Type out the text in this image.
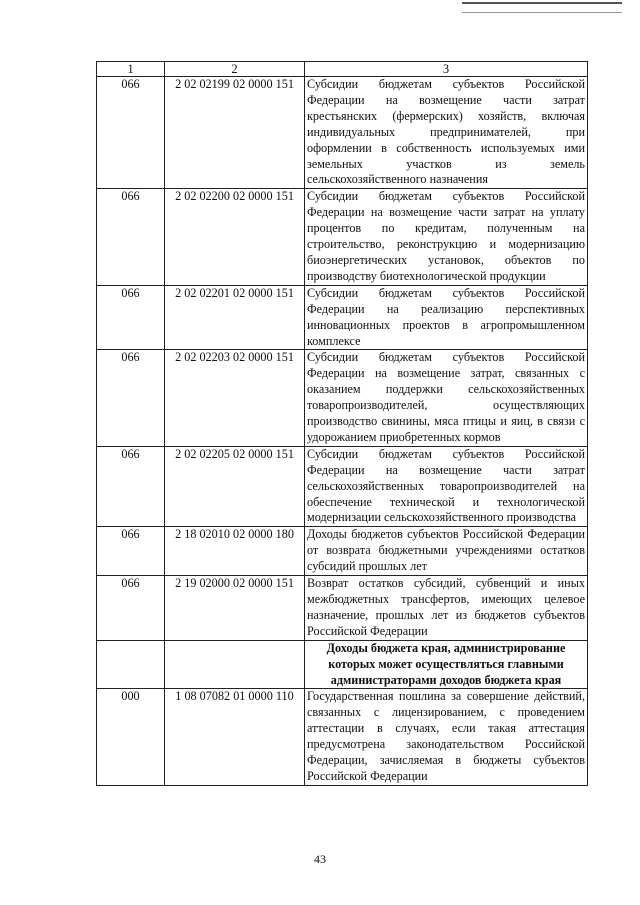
1	2	3
066	2 02 02199 02 0000 151	Субсидии бюджетам субъектов Российской Федерации на возмещение части затрат крестьянских (фермерских) хозяйств, включая индивидуальных предпринимателей, при оформлении в собственность используемых ими земельных участков из земель сельскохозяйственного назначения
066	2 02 02200 02 0000 151	Субсидии бюджетам субъектов Российской Федерации на возмещение части затрат на уплату процентов по кредитам, полученным на строительство, реконструкцию и модернизацию биоэнергетических установок, объектов по производству биотехнологической продукции
066	2 02 02201 02 0000 151	Субсидии бюджетам субъектов Российской Федерации на реализацию перспективных инновационных проектов в агропромышленном комплексе
066	2 02 02203 02 0000 151	Субсидии бюджетам субъектов Российской Федерации на возмещение затрат, связанных с оказанием поддержки сельскохозяйственных товаропроизводителей, осуществляющих производство свинины, мяса птицы и яиц, в связи с удорожанием приобретенных кормов
066	2 02 02205 02 0000 151	Субсидии бюджетам субъектов Российской Федерации на возмещение части затрат сельскохозяйственных товаропроизводителей на обеспечение технической и технологической модернизации сельскохозяйственного производства
066	2 18 02010 02 0000 180	Доходы бюджетов субъектов Российской Федерации от возврата бюджетными учреждениями остатков субсидий прошлых лет
066	2 19 02000 02 0000 151	Возврат остатков субсидий, субвенций и иных межбюджетных трансфертов, имеющих целевое назначение, прошлых лет из бюджетов субъектов Российской Федерации
		Доходы бюджета края, администрирование которых может осуществляться главными администраторами доходов бюджета края
000	1 08 07082 01 0000 110	Государственная пошлина за совершение действий, связанных с лицензированием, с проведением аттестации в случаях, если такая аттестация предусмотрена законодательством Российской Федерации, зачисляемая в бюджеты субъектов Российской Федерации
43
